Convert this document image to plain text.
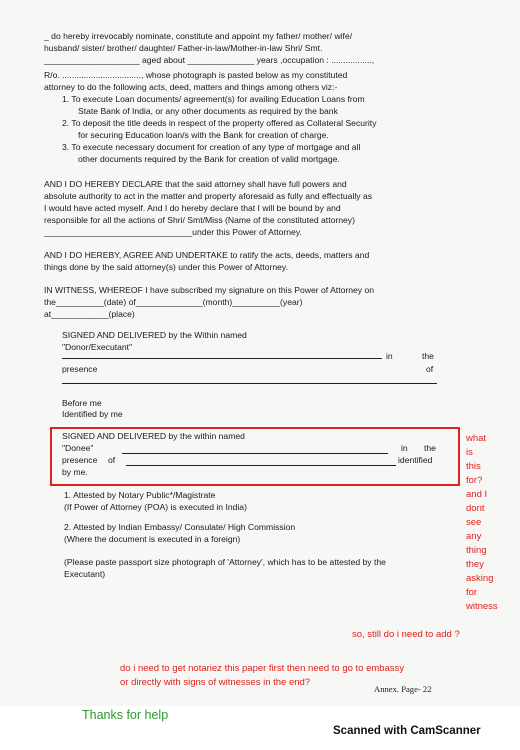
_ do hereby irrevocably nominate, constitute and appoint my father/ mother/ wife/
husband/ sister/ brother/ daughter/ Father-in-law/Mother-in-law Shri/ Smt.
____________________ aged about ______________ years ,occupation : .................,
R/o. ................................., whose photograph is pasted below as my constituted
attorney to do the following acts, deed, matters and things among others viz:-
1. To execute Loan documents/ agreement(s) for availing Education Loans from
State Bank of India, or any other documents as required by the bank
2. To deposit the title deeds in respect of the property offered as Collateral Security
for securing Education loan/s with the Bank for creation of charge.
3. To execute necessary document for creation of any type of mortgage and all
other documents required by the Bank for creation of valid mortgage.
AND I DO HEREBY DECLARE that the said attorney shall have full powers and
absolute authority to act in the matter and property aforesaid as fully and effectually as
I would have acted myself. And I do hereby declare that I will be bound by and
responsible for all the actions of Shri/ Smt/Miss (Name of the constituted attorney)
_______________________________under this Power of Attorney.
AND I DO HEREBY, AGREE AND UNDERTAKE to ratify the acts, deeds, matters and
things done by the said attorney(s) under this Power of Attorney.
IN WITNESS, WHEREOF I have subscribed my signature on this Power of Attorney on
the__________(date) of______________(month)__________(year)
at____________(place)
SIGNED AND DELIVERED by the Within named
"Donor/Executant"
in	the
presence	of
Before me
Identified by me
SIGNED AND DELIVERED by the within named
"Donee"	in the
presence of	identified
by me.
1. Attested by Notary Public*/Magistrate
(If Power of Attorney (POA) is executed in India)
2. Attested by Indian Embassy/ Consulate/ High Commission
(Where the document is executed in a foreign)
(Please paste passport size photograph of 'Attorney', which has to be attested by the
Executant)
Annex. Page- 22
what
is
this
for?
and I
dont
see
any
thing
they
asking
for
witness
so, still do i need to add ?
do i need to get notariez this paper first then need to go to embassy
or directly with signs of witnesses in the end?
Thanks for help
Scanned with CamScanner
